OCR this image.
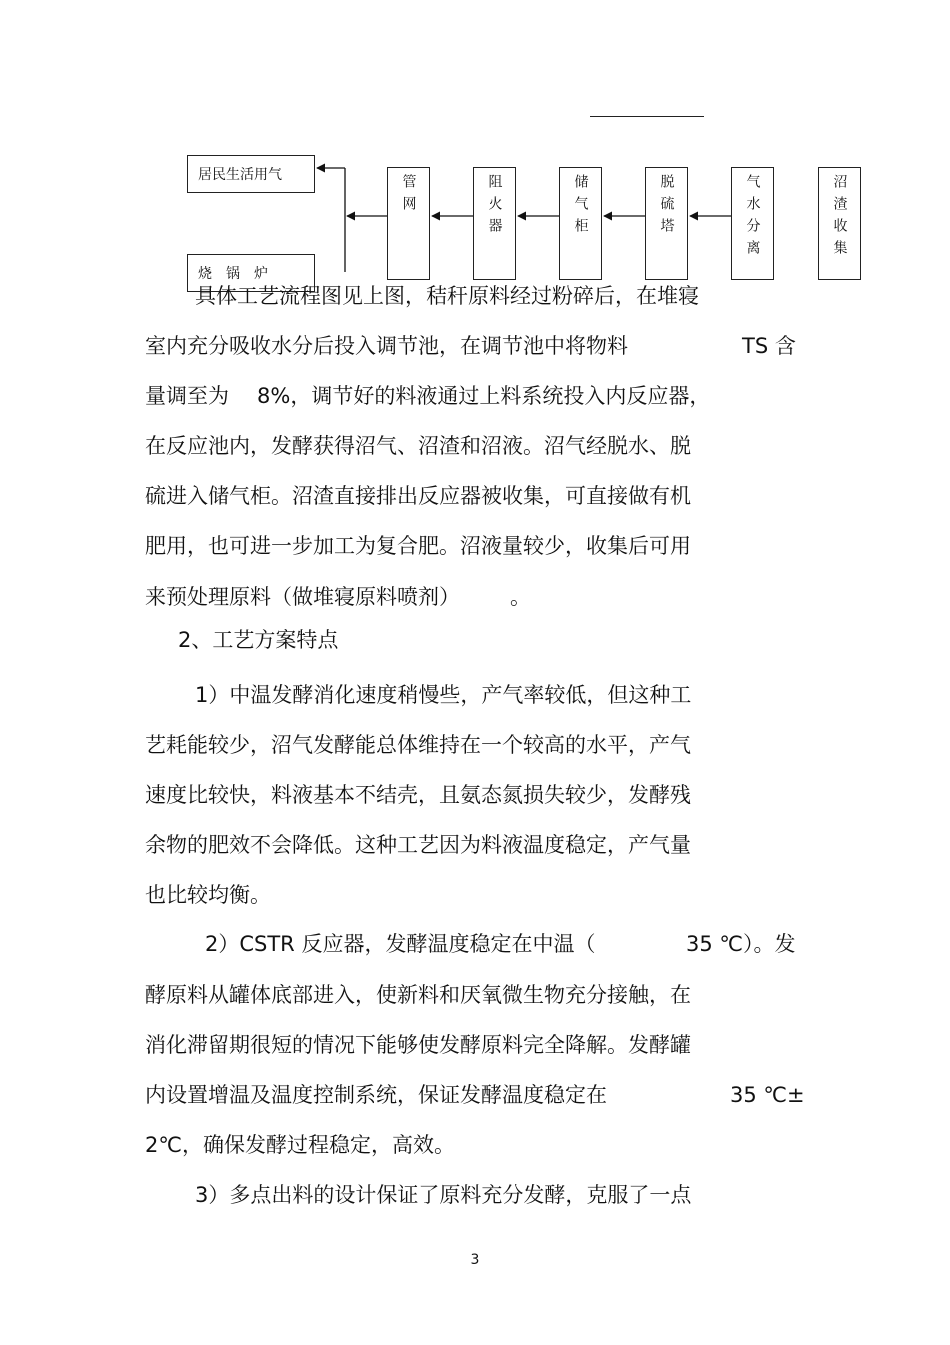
居民生活用气
烧　锅　炉
管网	阻火器	储气柜	脱硫塔	气水分离	沼渣收集
具体工艺流程图见上图，秸秆原料经过粉碎后，在堆寝
室内充分吸收水分后投入调节池，在调节池中将物料	TS 含
量调至为 8%，调节好的料液通过上料系统投入内反应器，
在反应池内，发酵获得沼气、沼渣和沼液。沼气经脱水、脱
硫进入储气柜。沼渣直接排出反应器被收集，可直接做有机
肥用，也可进一步加工为复合肥。沼液量较少，收集后可用
来预处理原料（做堆寝原料喷剂） 。
2、工艺方案特点
1）中温发酵消化速度稍慢些，产气率较低，但这种工
艺耗能较少，沼气发酵能总体维持在一个较高的水平，产气
速度比较快，料液基本不结壳，且氨态氮损失较少，发酵残
余物的肥效不会降低。这种工艺因为料液温度稳定，产气量
也比较均衡。
2）CSTR 反应器，发酵温度稳定在中温（	35 ℃）。发
酵原料从罐体底部进入，使新料和厌氧微生物充分接触，在
消化滞留期很短的情况下能够使发酵原料完全降解。发酵罐
内设置增温及温度控制系统，保证发酵温度稳定在	35 ℃±
2℃，确保发酵过程稳定，高效。
3）多点出料的设计保证了原料充分发酵，克服了一点
3
